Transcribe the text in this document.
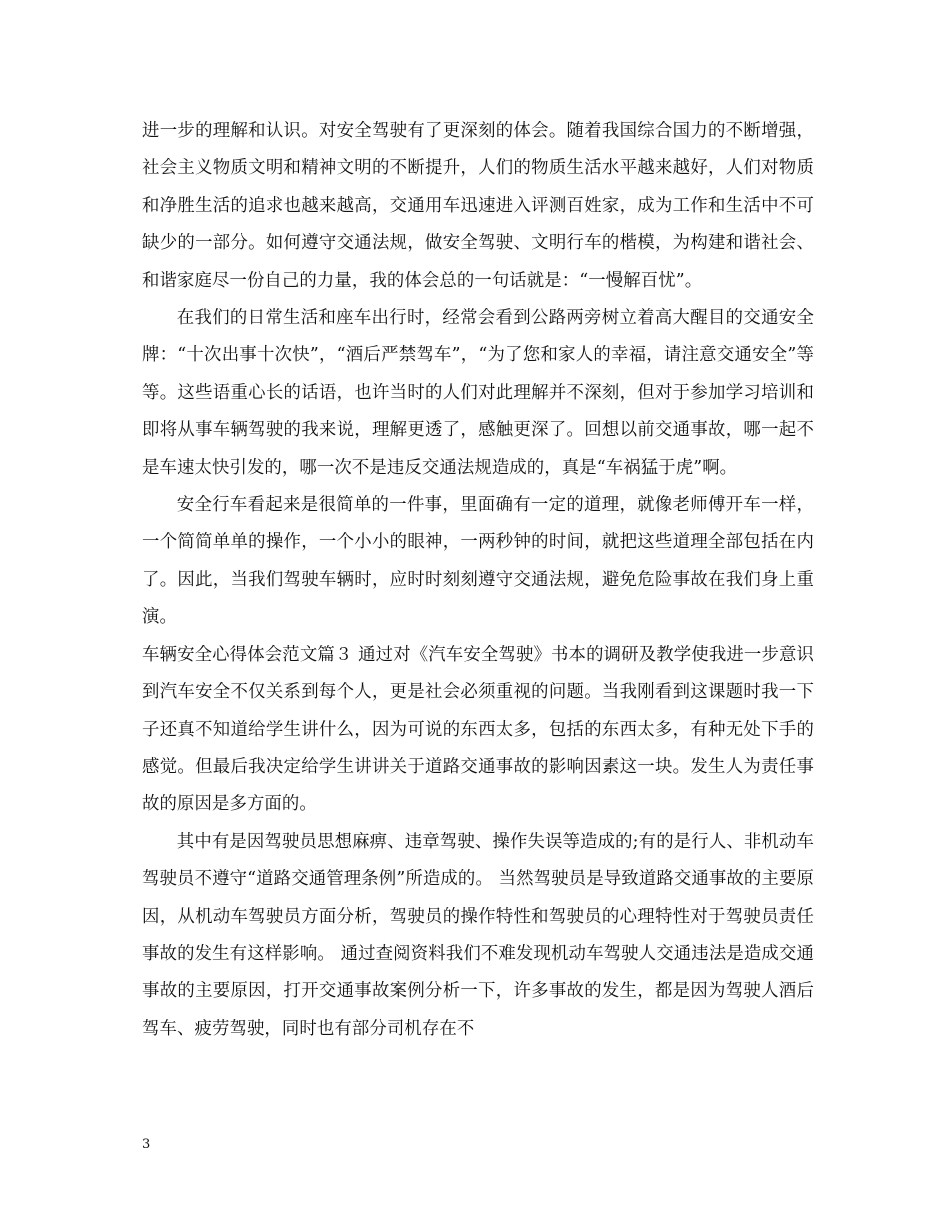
进一步的理解和认识。对安全驾驶有了更深刻的体会。随着我国综合国力的不断增强，社会主义物质文明和精神文明的不断提升，人们的物质生活水平越来越好，人们对物质和净胜生活的追求也越来越高，交通用车迅速进入评测百姓家，成为工作和生活中不可缺少的一部分。如何遵守交通法规，做安全驾驶、文明行车的楷模，为构建和谐社会、和谐家庭尽一份自己的力量，我的体会总的一句话就是：“一慢解百忧”。

在我们的日常生活和座车出行时，经常会看到公路两旁树立着高大醒目的交通安全牌：“十次出事十次快”，“酒后严禁驾车”，“为了您和家人的幸福，请注意交通安全”等等。这些语重心长的话语，也许当时的人们对此理解并不深刻，但对于参加学习培训和即将从事车辆驾驶的我来说，理解更透了，感触更深了。回想以前交通事故，哪一起不是车速太快引发的，哪一次不是违反交通法规造成的，真是“车祸猛于虎”啊。

安全行车看起来是很简单的一件事，里面确有一定的道理，就像老师傅开车一样，一个简简单单的操作，一个小小的眼神，一两秒钟的时间，就把这些道理全部包括在内了。因此，当我们驾驶车辆时，应时时刻刻遵守交通法规，避免危险事故在我们身上重演。

车辆安全心得体会范文篇３ 通过对《汽车安全驾驶》书本的调研及教学使我进一步意识到汽车安全不仅关系到每个人，更是社会必须重视的问题。当我刚看到这课题时我一下子还真不知道给学生讲什么，因为可说的东西太多，包括的东西太多，有种无处下手的感觉。但最后我决定给学生讲讲关于道路交通事故的影响因素这一块。发生人为责任事故的原因是多方面的。

其中有是因驾驶员思想麻痹、违章驾驶、操作失误等造成的;有的是行人、非机动车驾驶员不遵守“道路交通管理条例”所造成的。 当然驾驶员是导致道路交通事故的主要原因，从机动车驾驶员方面分析，驾驶员的操作特性和驾驶员的心理特性对于驾驶员责任事故的发生有这样影响。 通过查阅资料我们不难发现机动车驾驶人交通违法是造成交通事故的主要原因，打开交通事故案例分析一下，许多事故的发生，都是因为驾驶人酒后驾车、疲劳驾驶，同时也有部分司机存在不

3
